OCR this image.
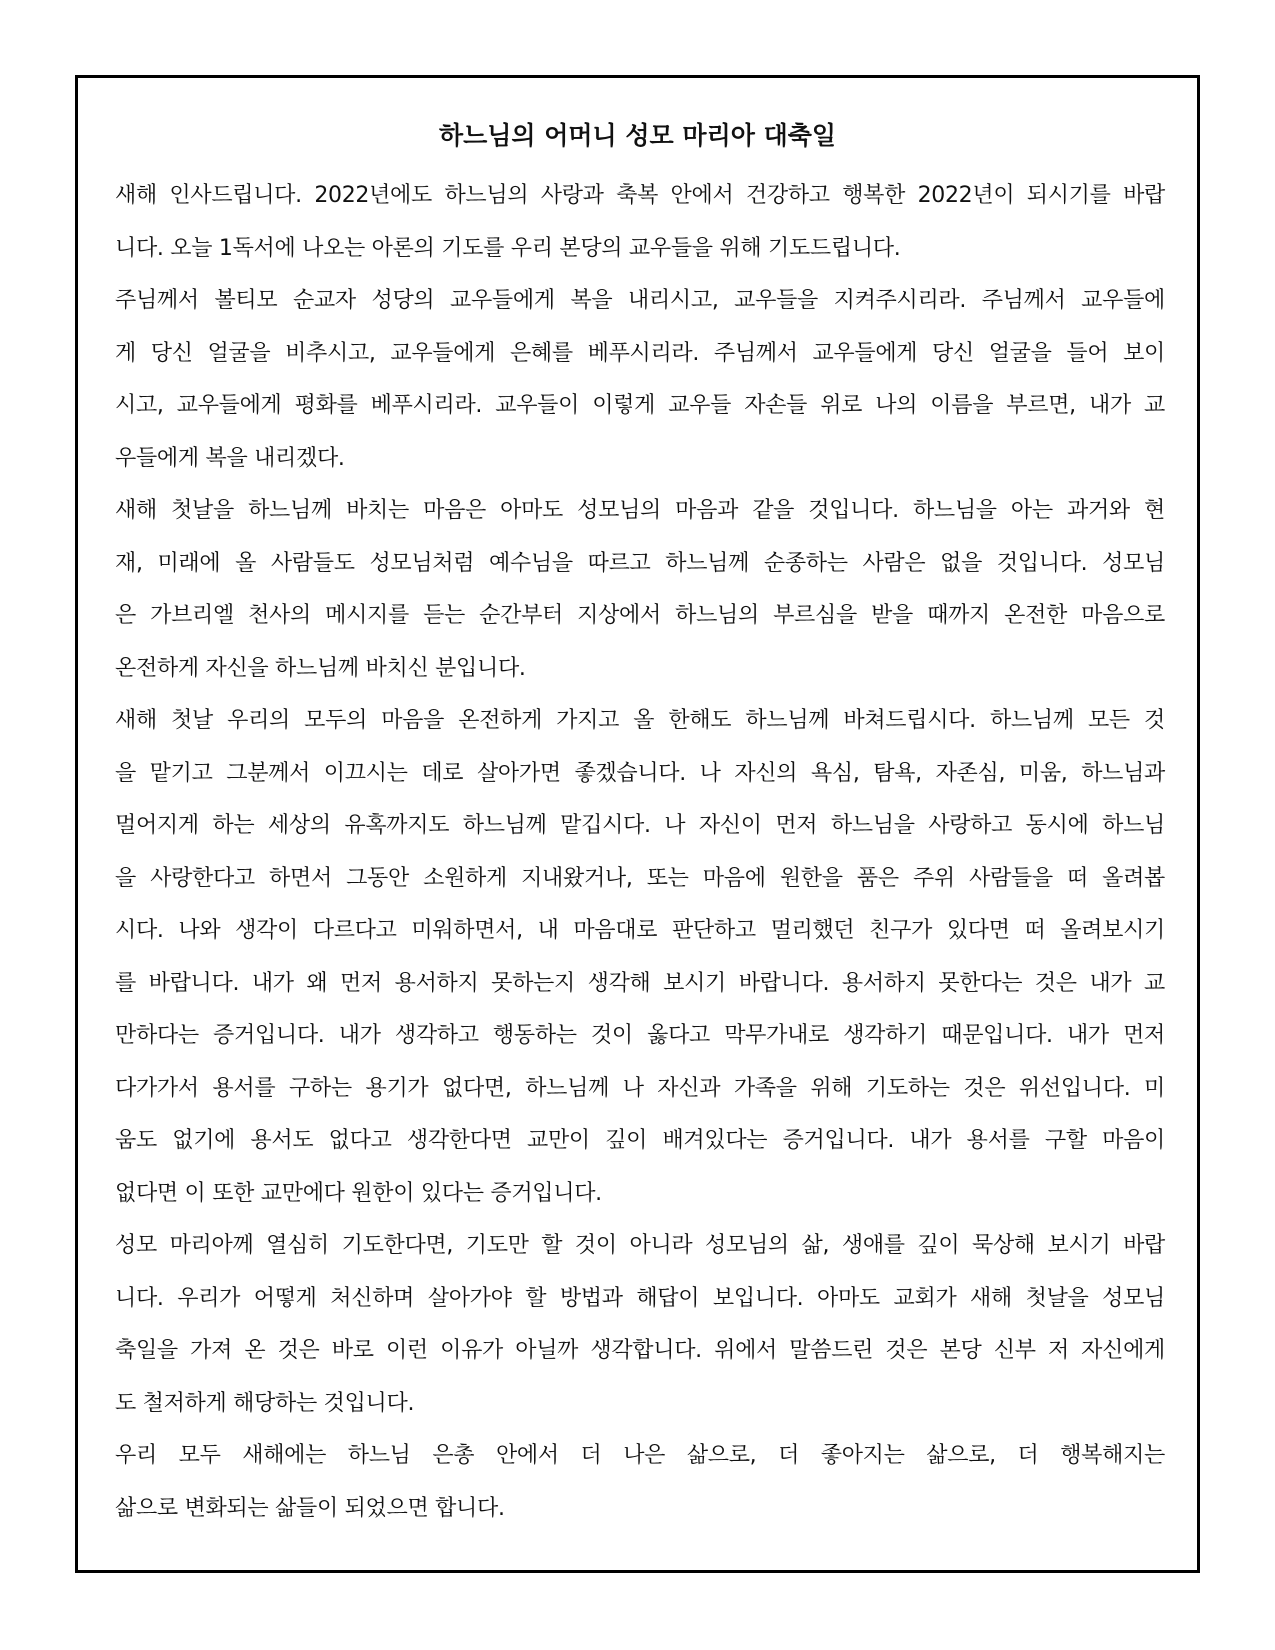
하느님의 어머니 성모 마리아 대축일
새해 인사드립니다. 2022년에도 하느님의 사랑과 축복 안에서 건강하고 행복한 2022년이 되시기를 바랍
니다. 오늘 1독서에 나오는 아론의 기도를 우리 본당의 교우들을 위해 기도드립니다.
주님께서 볼티모 순교자 성당의 교우들에게 복을 내리시고, 교우들을 지켜주시리라. 주님께서 교우들에
게 당신 얼굴을 비추시고, 교우들에게 은혜를 베푸시리라. 주님께서 교우들에게 당신 얼굴을 들어 보이
시고, 교우들에게 평화를 베푸시리라. 교우들이 이렇게 교우들 자손들 위로 나의 이름을 부르면, 내가 교
우들에게 복을 내리겠다.
새해 첫날을 하느님께 바치는 마음은 아마도 성모님의 마음과 같을 것입니다. 하느님을 아는 과거와 현
재, 미래에 올 사람들도 성모님처럼 예수님을 따르고 하느님께 순종하는 사람은 없을 것입니다. 성모님
은 가브리엘 천사의 메시지를 듣는 순간부터 지상에서 하느님의 부르심을 받을 때까지 온전한 마음으로
온전하게 자신을 하느님께 바치신 분입니다.
새해 첫날 우리의 모두의 마음을 온전하게 가지고 올 한해도 하느님께 바쳐드립시다. 하느님께 모든 것
을 맡기고 그분께서 이끄시는 데로 살아가면 좋겠습니다. 나 자신의 욕심, 탐욕, 자존심, 미움, 하느님과
멀어지게 하는 세상의 유혹까지도 하느님께 맡깁시다. 나 자신이 먼저 하느님을 사랑하고 동시에 하느님
을 사랑한다고 하면서 그동안 소원하게 지내왔거나, 또는 마음에 원한을 품은 주위 사람들을 떠 올려봅
시다. 나와 생각이 다르다고 미워하면서, 내 마음대로 판단하고 멀리했던 친구가 있다면 떠 올려보시기
를 바랍니다. 내가 왜 먼저 용서하지 못하는지 생각해 보시기 바랍니다. 용서하지 못한다는 것은 내가 교
만하다는 증거입니다. 내가 생각하고 행동하는 것이 옳다고 막무가내로 생각하기 때문입니다. 내가 먼저
다가가서 용서를 구하는 용기가 없다면, 하느님께 나 자신과 가족을 위해 기도하는 것은 위선입니다. 미
움도 없기에 용서도 없다고 생각한다면 교만이 깊이 배겨있다는 증거입니다. 내가 용서를 구할 마음이
없다면 이 또한 교만에다 원한이 있다는 증거입니다.
성모 마리아께 열심히 기도한다면, 기도만 할 것이 아니라 성모님의 삶, 생애를 깊이 묵상해 보시기 바랍
니다. 우리가 어떻게 처신하며 살아가야 할 방법과 해답이 보입니다. 아마도 교회가 새해 첫날을 성모님
축일을 가져 온 것은 바로 이런 이유가 아닐까 생각합니다. 위에서 말씀드린 것은 본당 신부 저 자신에게
도 철저하게 해당하는 것입니다.
우리 모두 새해에는 하느님 은총 안에서 더 나은 삶으로, 더 좋아지는 삶으로, 더 행복해지는
삶으로 변화되는 삶들이 되었으면 합니다.
